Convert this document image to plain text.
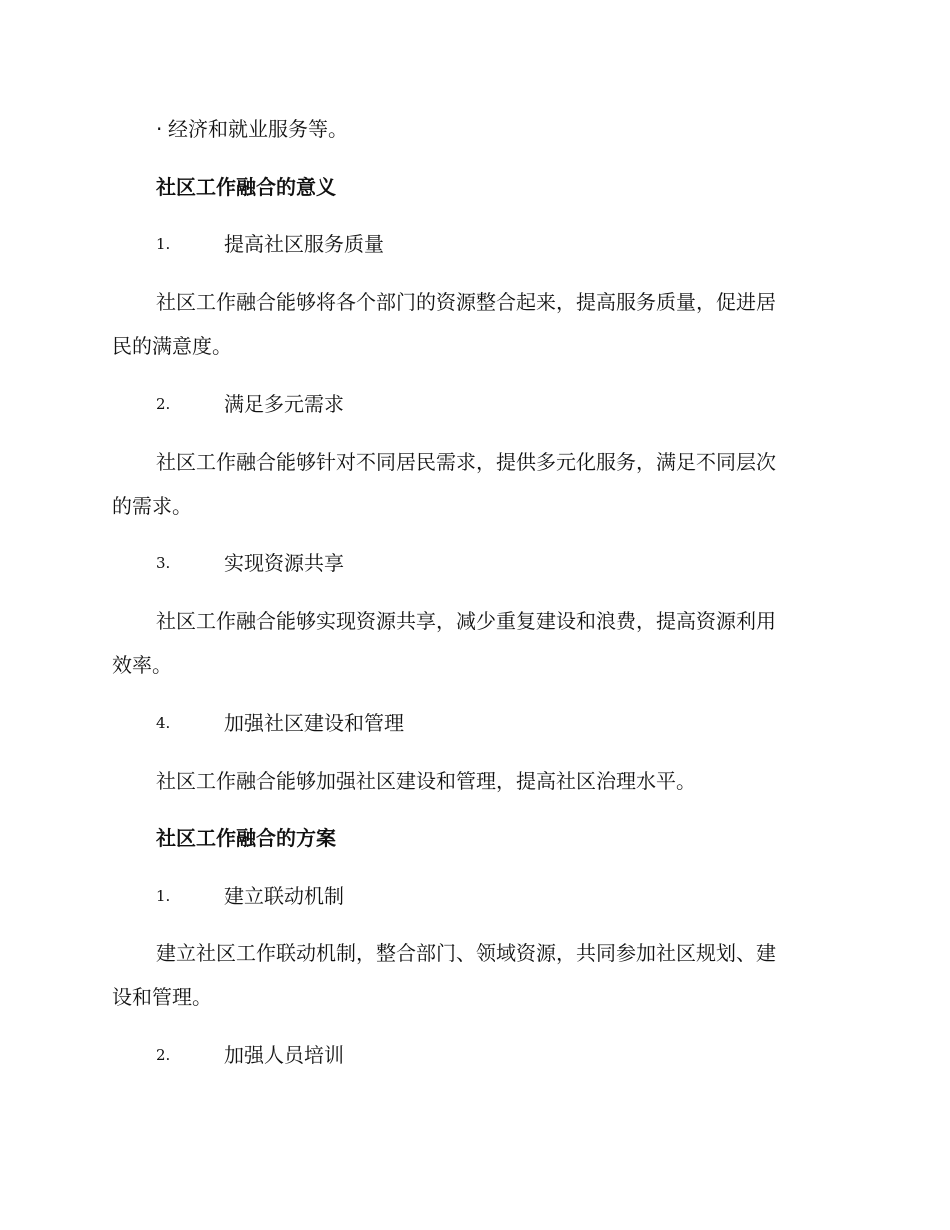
· 经济和就业服务等。
社区工作融合的意义
1.	提高社区服务质量
社区工作融合能够将各个部门的资源整合起来，提高服务质量，促进居
民的满意度。
2.	满足多元需求
社区工作融合能够针对不同居民需求，提供多元化服务，满足不同层次
的需求。
3.	实现资源共享
社区工作融合能够实现资源共享，减少重复建设和浪费，提高资源利用
效率。
4.	加强社区建设和管理
社区工作融合能够加强社区建设和管理，提高社区治理水平。
社区工作融合的方案
1.	建立联动机制
建立社区工作联动机制，整合部门、领域资源，共同参加社区规划、建
设和管理。
2.	加强人员培训
